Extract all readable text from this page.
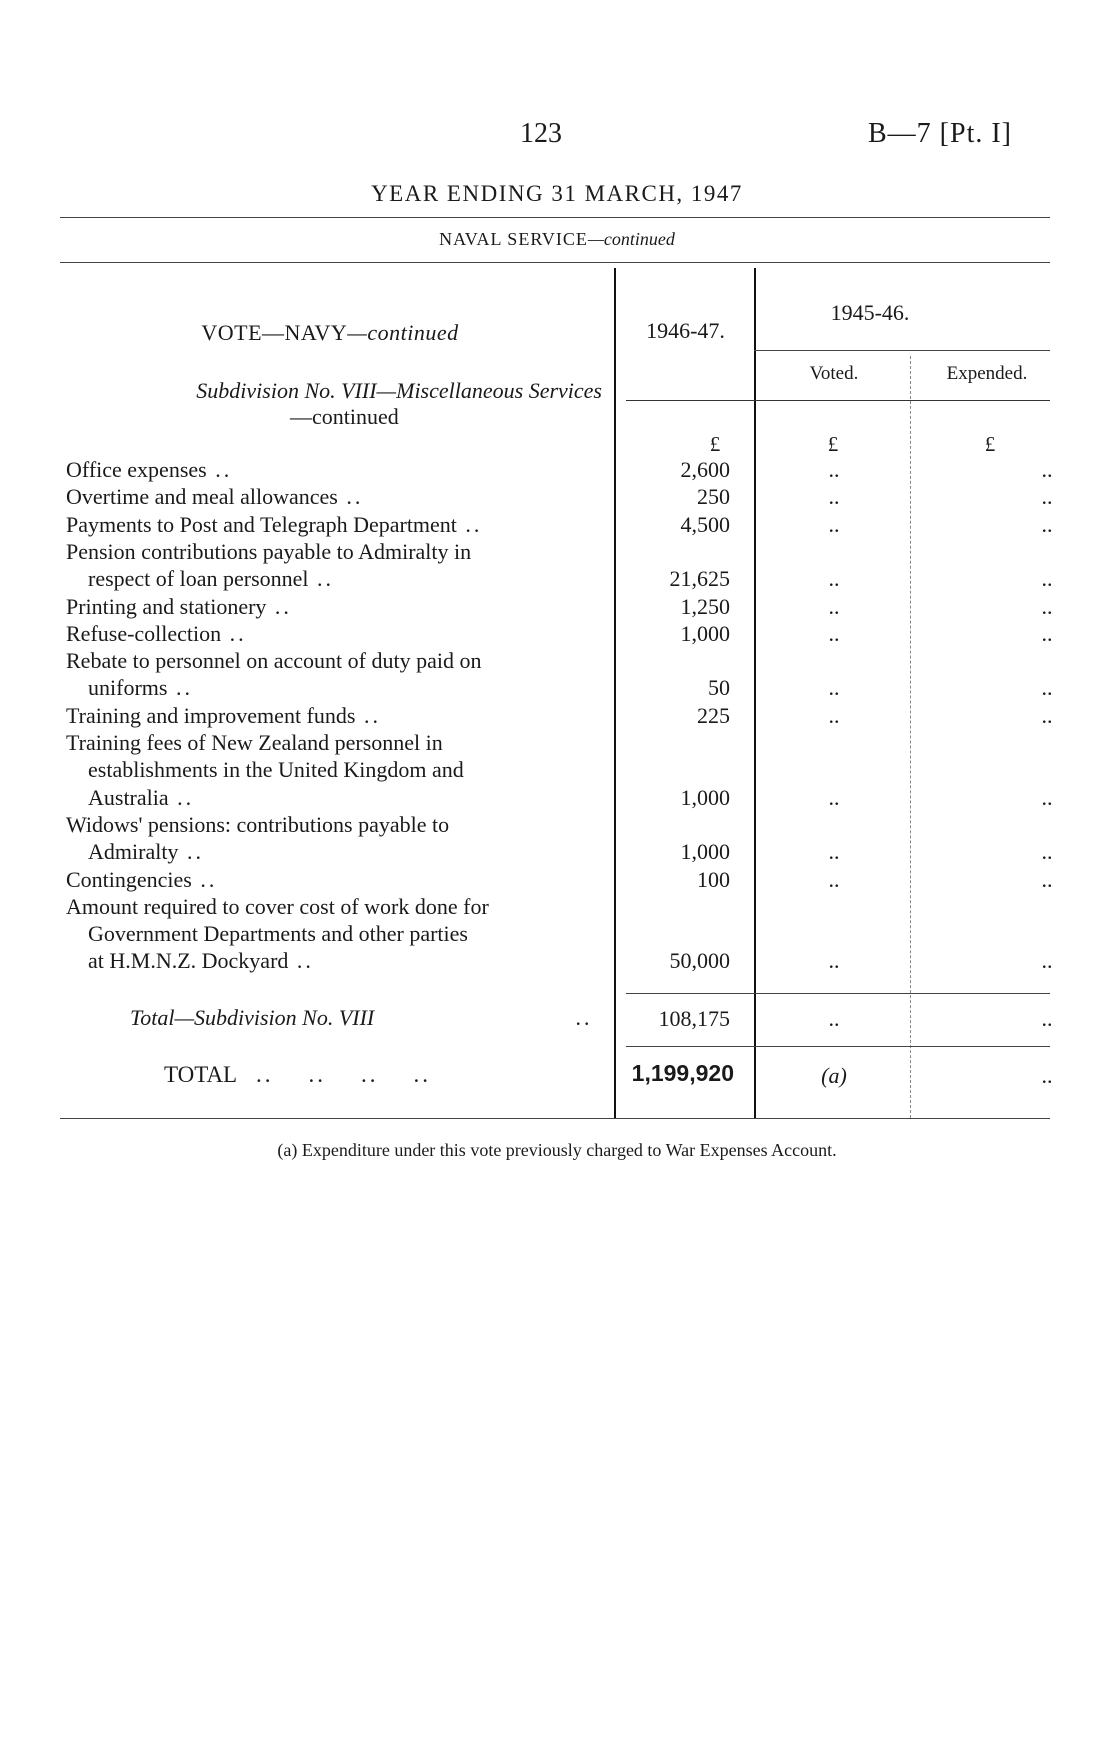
123	B—7 [Pt. I]
YEAR ENDING 31 MARCH, 1947
NAVAL SERVICE—continued
VOTE—NAVY—continued
Subdivision No. VIII—Miscellaneous Services
—continued
1946-47.
1945-46.
Voted.	Expended.
£	£	£
Office expenses ..	2,600	..	..
Overtime and meal allowances ..	250	..	..
Payments to Post and Telegraph Department ..	4,500	..	..
Pension contributions payable to Admiralty in
respect of loan personnel ..	21,625	..	..
Printing and stationery ..	1,250	..	..
Refuse-collection ..	1,000	..	..
Rebate to personnel on account of duty paid on
uniforms ..	50	..	..
Training and improvement funds ..	225	..	..
Training fees of New Zealand personnel in
establishments in the United Kingdom and
Australia ..	1,000	..	..
Widows' pensions: contributions payable to
Admiralty ..	1,000	..	..
Contingencies ..	100	..	..
Amount required to cover cost of work done for
Government Departments and other parties
at H.M.N.Z. Dockyard ..	50,000	..	..
Total—Subdivision No. VIII	..	108,175	..	..
TOTAL ..    ..    ..    ..	1,199,920	(a)	..
(a) Expenditure under this vote previously charged to War Expenses Account.
